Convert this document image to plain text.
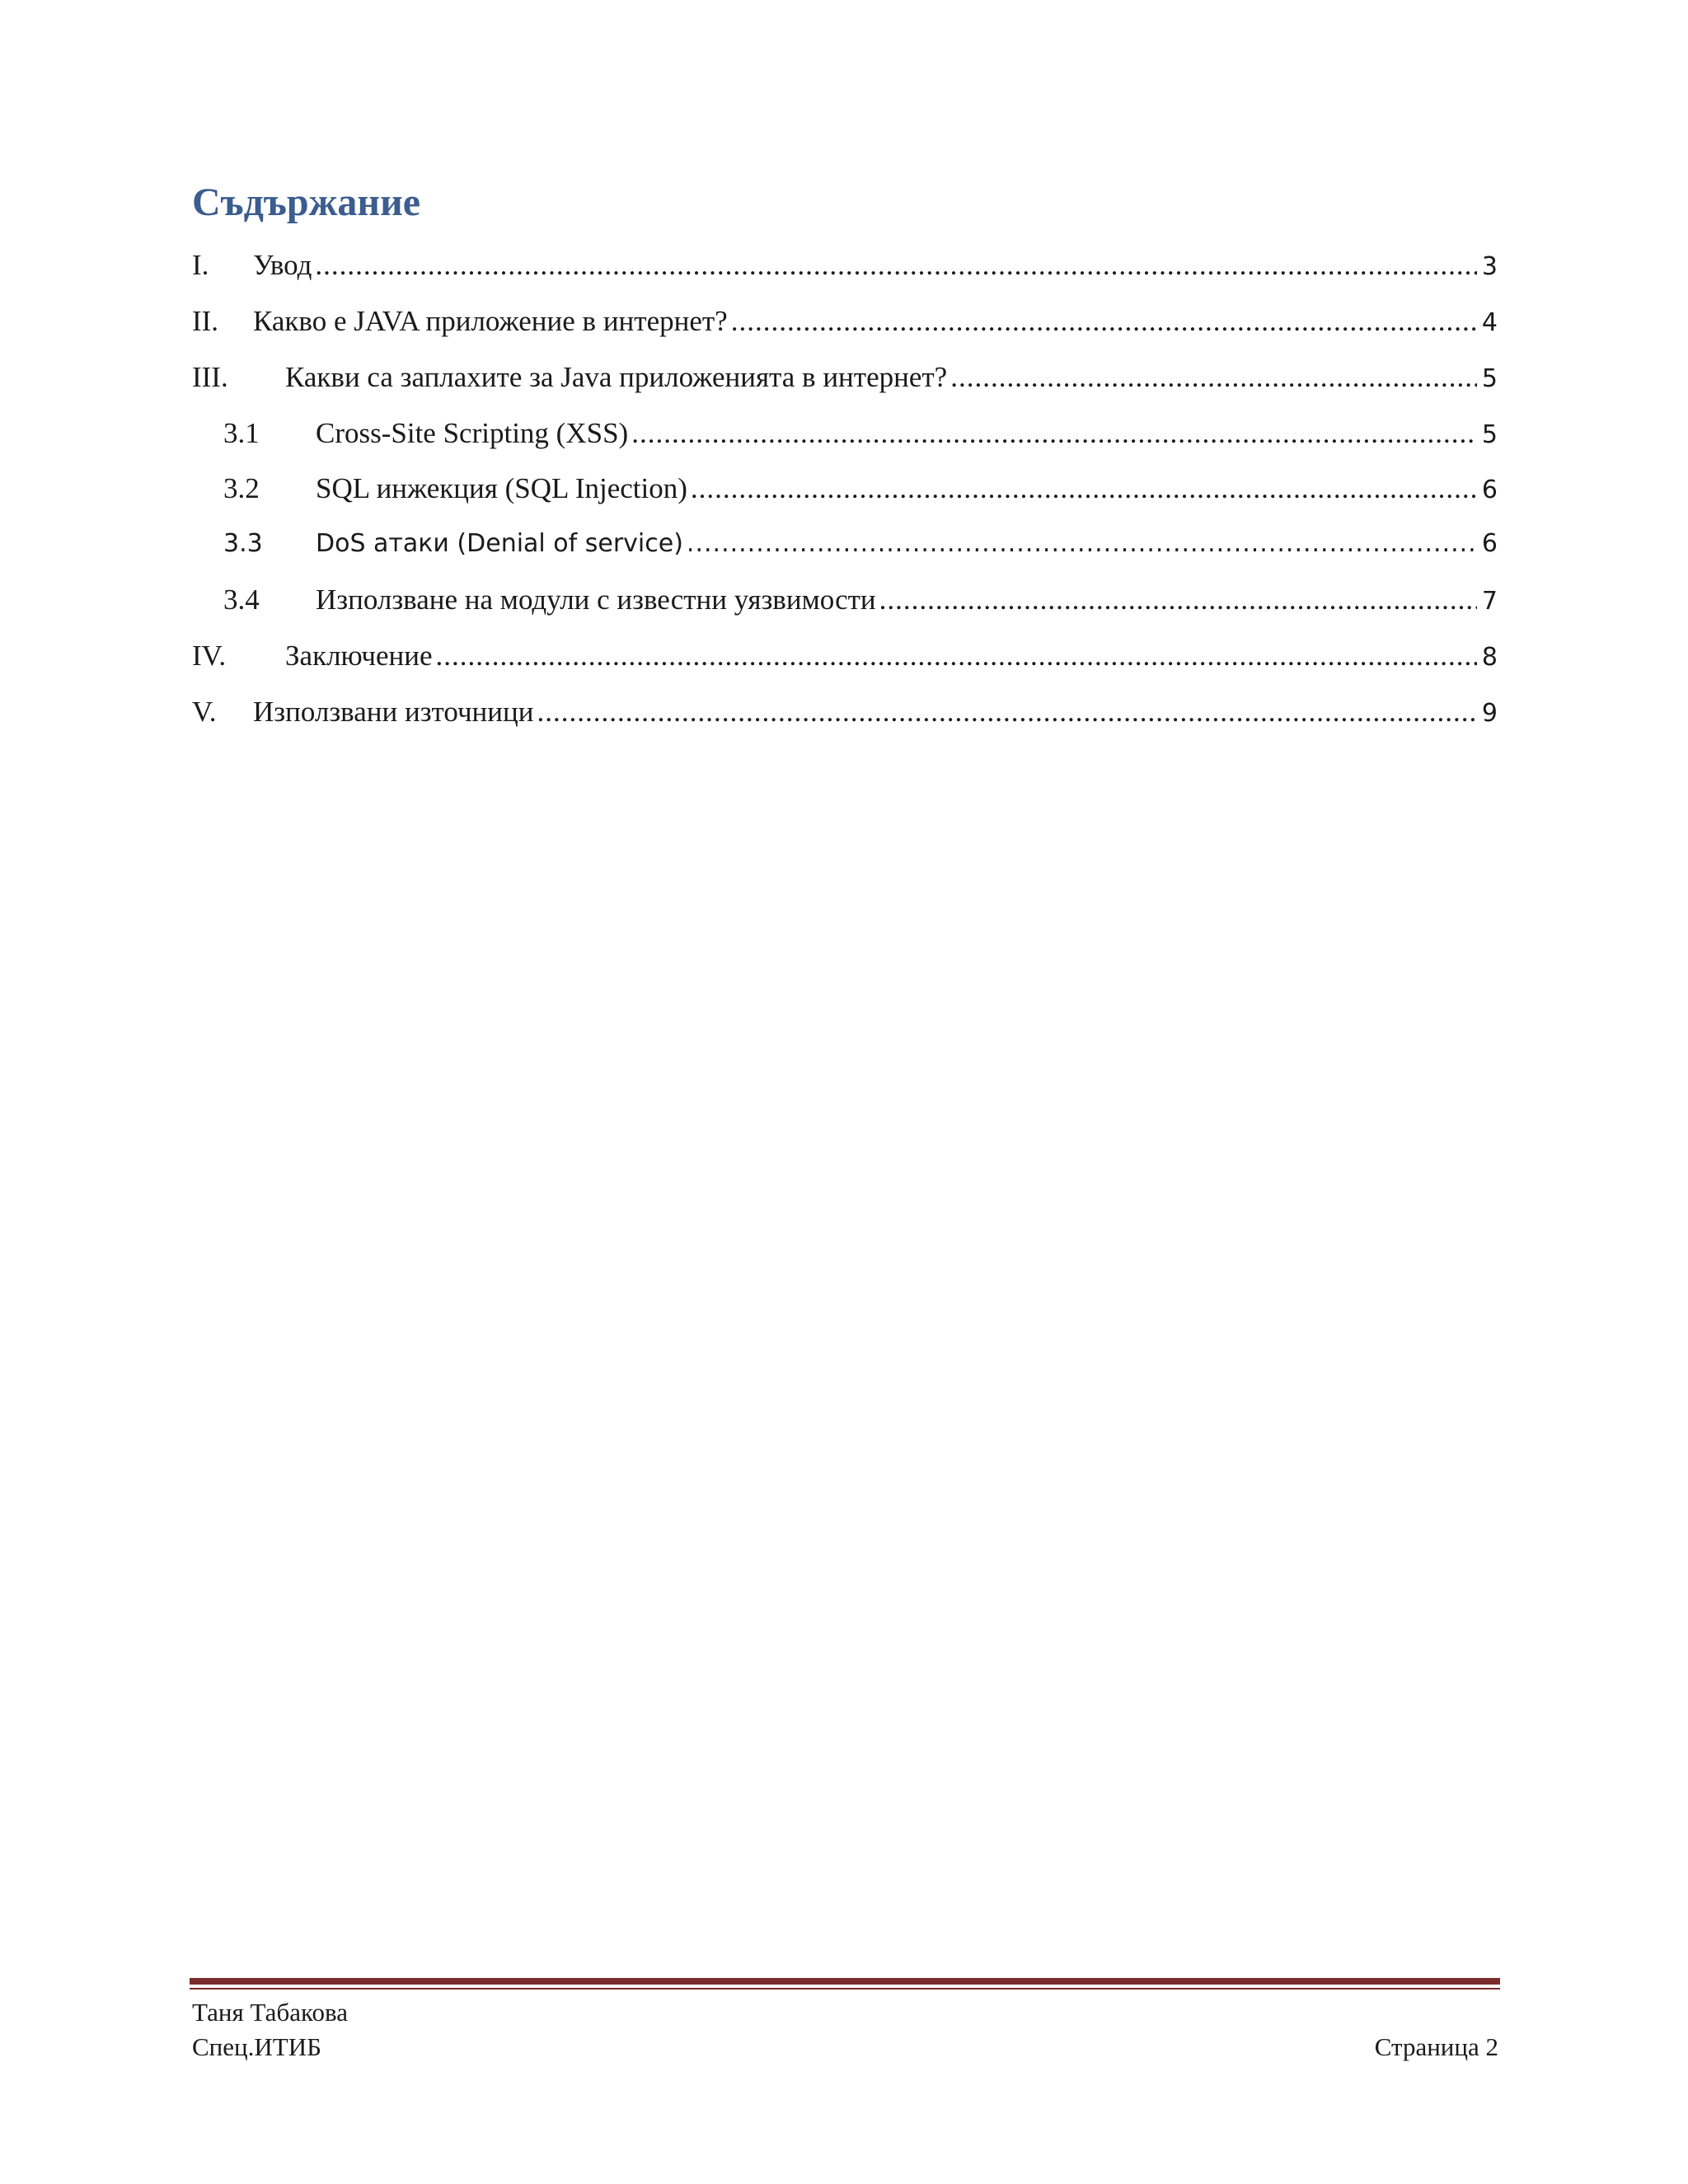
Съдържание
I.	Увод .....	3
II.	Какво е JAVA приложение в интернет? .....	4
III.	Какви са заплахите за Java приложенията в интернет? .....	5
3.1	Cross-Site Scripting (XSS) .....	5
3.2	SQL инжекция (SQL Injection) .....	6
3.3	DoS атаки (Denial of service) .....	6
3.4	Използване на модули с известни уязвимости .....	7
IV.	Заключение .....	8
V.	Използвани източници .....	9
Таня Табакова
Спец.ИТИБ	Страница 2
